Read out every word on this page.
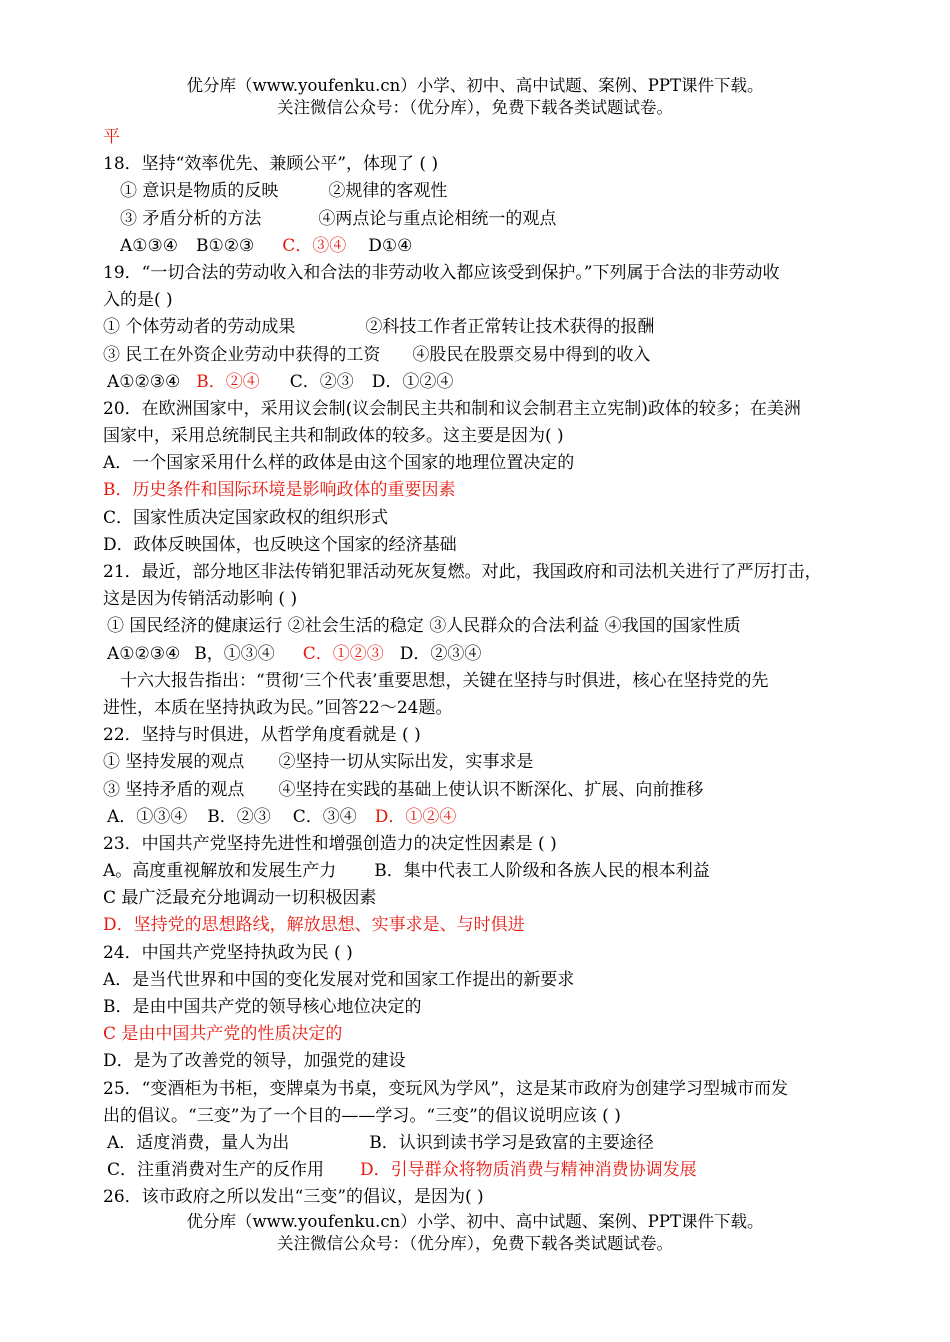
优分库（www.youfenku.cn）小学、初中、高中试题、案例、PPT课件下载。
关注微信公众号：（优分库），免费下载各类试题试卷。
平
18．坚持“效率优先、兼顾公平”，体现了 ( )
① 意识是物质的反映	②规律的客观性
③ 矛盾分析的方法	④两点论与重点论相统一的观点
A①③④ B①②③ C．③④ D①④
19．“一切合法的劳动收入和合法的非劳动收入都应该受到保护。”下列属于合法的非劳动收
入的是( )
① 个体劳动者的劳动成果	②科技工作者正常转让技术获得的报酬
③ 民工在外资企业劳动中获得的工资 ④股民在股票交易中得到的收入
A①②③④ B．②④ C．②③ D．①②④
20．在欧洲国家中，采用议会制(议会制民主共和制和议会制君主立宪制)政体的较多；在美洲
国家中，采用总统制民主共和制政体的较多。这主要是因为( )
A．一个国家采用什么样的政体是由这个国家的地理位置决定的
B．历史条件和国际环境是影响政体的重要因素
C．国家性质决定国家政权的组织形式
D．政体反映国体，也反映这个国家的经济基础
21．最近，部分地区非法传销犯罪活动死灰复燃。对此，我国政府和司法机关进行了严厉打击，
这是因为传销活动影响 ( )
① 国民经济的健康运行 ②社会生活的稳定 ③人民群众的合法利益 ④我国的国家性质
A①②③④ B，①③④ C．①②③ D．②③④
十六大报告指出：“贯彻‘三个代表’重要思想，关键在坚持与时俱进，核心在坚持党的先
进性，本质在坚持执政为民。”回答22～24题。
22．坚持与时俱进，从哲学角度看就是 ( )
① 坚持发展的观点 ②坚持一切从实际出发，实事求是
③ 坚持矛盾的观点 ④坚持在实践的基础上使认识不断深化、扩展、向前推移
A．①③④ B．②③ C．③④ D．①②④
23．中国共产党坚持先进性和增强创造力的决定性因素是 ( )
A。高度重视解放和发展生产力 B．集中代表工人阶级和各族人民的根本利益
C 最广泛最充分地调动一切积极因素
D．坚持党的思想路线，解放思想、实事求是、与时俱进
24．中国共产党坚持执政为民 ( )
A．是当代世界和中国的变化发展对党和国家工作提出的新要求
B．是由中国共产党的领导核心地位决定的
C 是由中国共产党的性质决定的
D．是为了改善党的领导，加强党的建设
25．“变酒柜为书柜，变牌桌为书桌，变玩风为学风”，这是某市政府为创建学习型城市而发
出的倡议。“三变”为了一个目的——学习。“三变”的倡议说明应该 ( )
A．适度消费，量人为出	B．认识到读书学习是致富的主要途径
C．注重消费对生产的反作用 D．引导群众将物质消费与精神消费协调发展
26．该市政府之所以发出“三变”的倡议，是因为( )
优分库（www.youfenku.cn）小学、初中、高中试题、案例、PPT课件下载。
关注微信公众号：（优分库），免费下载各类试题试卷。
